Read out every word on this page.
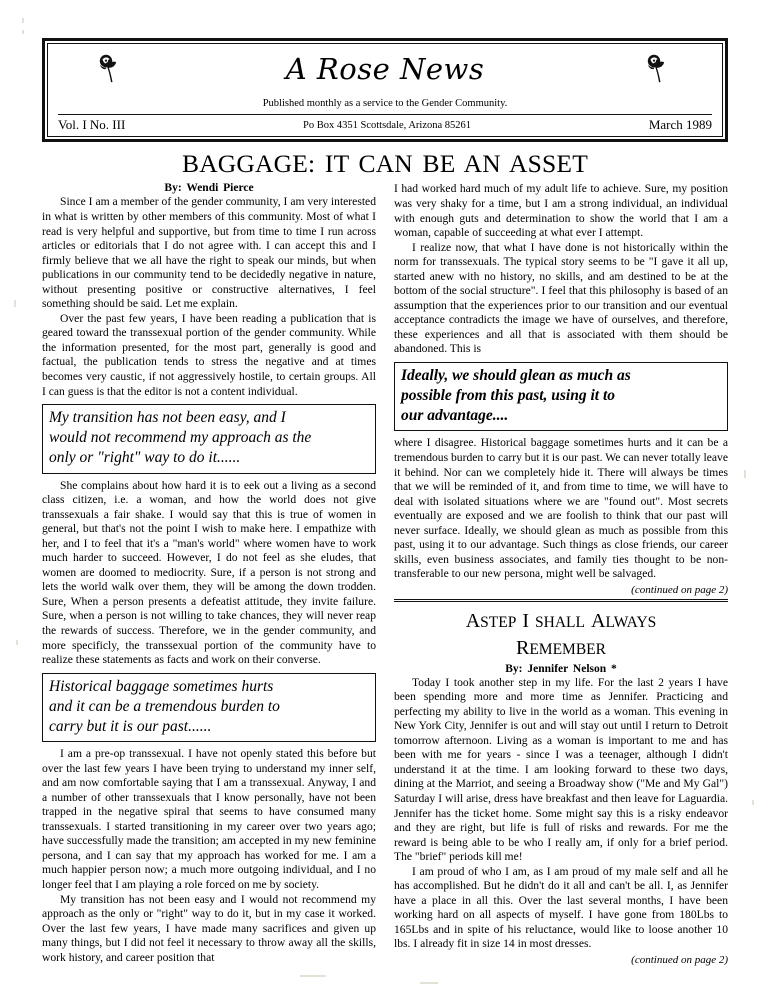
A Rose News
Published monthly as a service to the Gender Community.
Vol. I No. III	Po Box 4351 Scottsdale, Arizona 85261	March 1989
BAGGAGE: IT CAN BE AN ASSET
By: Wendi Pierce

Since I am a member of the gender community, I am very interested in what is written by other members of this community. Most of what I read is very helpful and supportive, but from time to time I run across articles or editorials that I do not agree with. I can accept this and I firmly believe that we all have the right to speak our minds, but when publications in our community tend to be decidedly negative in nature, without presenting positive or constructive alternatives, I feel something should be said. Let me explain.

Over the past few years, I have been reading a publication that is geared toward the transsexual portion of the gender community. While the information presented, for the most part, generally is good and factual, the publication tends to stress the negative and at times becomes very caustic, if not aggressively hostile, to certain groups. All I can guess is that the editor is not a content individual.

My transition has not been easy, and I
would not recommend my approach as the
only or "right" way to do it......

She complains about how hard it is to eek out a living as a second class citizen, i.e. a woman, and how the world does not give transsexuals a fair shake. I would say that this is true of women in general, but that's not the point I wish to make here. I empathize with her, and I to feel that it's a "man's world" where women have to work much harder to succeed. However, I do not feel as she eludes, that women are doomed to mediocrity. Sure, if a person is not strong and lets the world walk over them, they will be among the down trodden. Sure, When a person presents a defeatist attitude, they invite failure. Sure, when a person is not willing to take chances, they will never reap the rewards of success. Therefore, we in the gender community, and more specificly, the transsexual portion of the community have to realize these statements as facts and work on their converse.

Historical baggage sometimes hurts
and it can be a tremendous burden to
carry but it is our past......

I am a pre-op transsexual. I have not openly stated this before but over the last few years I have been trying to understand my inner self, and am now comfortable saying that I am a transsexual. Anyway, I and a number of other transsexuals that I know personally, have not been trapped in the negative spiral that seems to have consumed many transsexuals. I started transitioning in my career over two years ago; have successfully made the transition; am accepted in my new feminine persona, and I can say that my approach has worked for me. I am a much happier person now; a much more outgoing individual, and I no longer feel that I am playing a role forced on me by society.

My transition has not been easy and I would not recommend my approach as the only or "right" way to do it, but in my case it worked. Over the last few years, I have made many sacrifices and given up many things, but I did not feel it necessary to throw away all the skills, work history, and career position that

I had worked hard much of my adult life to achieve. Sure, my position was very shaky for a time, but I am a strong individual, an individual with enough guts and determination to show the world that I am a woman, capable of succeeding at what ever I attempt.

I realize now, that what I have done is not historically within the norm for transsexuals. The typical story seems to be "I gave it all up, started anew with no history, no skills, and am destined to be at the bottom of the social structure". I feel that this philosophy is based of an assumption that the experiences prior to our transition and our eventual acceptance contradicts the image we have of ourselves, and therefore, these experiences and all that is associated with them should be abandoned. This is

Ideally, we should glean as much as
possible from this past, using it to
our advantage....

where I disagree. Historical baggage sometimes hurts and it can be a tremendous burden to carry but it is our past. We can never totally leave it behind. Nor can we completely hide it. There will always be times that we will be reminded of it, and from time to time, we will have to deal with isolated situations where we are "found out". Most secrets eventually are exposed and we are foolish to think that our past will never surface. Ideally, we should glean as much as possible from this past, using it to our advantage. Such things as close friends, our career skills, even business associates, and family ties thought to be non-transferable to our new persona, might well be salvaged.

(continued on page 2)
ASTEP I SHALL ALWAYS
REMEMBER
By: Jennifer Nelson *

Today I took another step in my life. For the last 2 years I have been spending more and more time as Jennifer. Practicing and perfecting my ability to live in the world as a woman. This evening in New York City, Jennifer is out and will stay out until I return to Detroit tomorrow afternoon. Living as a woman is important to me and has been with me for years - since I was a teenager, although I didn't understand it at the time. I am looking forward to these two days, dining at the Marriot, and seeing a Broadway show ("Me and My Gal") Saturday I will arise, dress have breakfast and then leave for Laguardia. Jennifer has the ticket home. Some might say this is a risky endeavor and they are right, but life is full of risks and rewards. For me the reward is being able to be who I really am, if only for a brief period. The "brief" periods kill me!

I am proud of who I am, as I am proud of my male self and all he has accomplished. But he didn't do it all and can't be all. I, as Jennifer have a place in all this. Over the last several months, I have been working hard on all aspects of myself. I have gone from 180Lbs to 165Lbs and in spite of his reluctance, would like to loose another 10 lbs. I already fit in size 14 in most dresses.

(continued on page 2)
